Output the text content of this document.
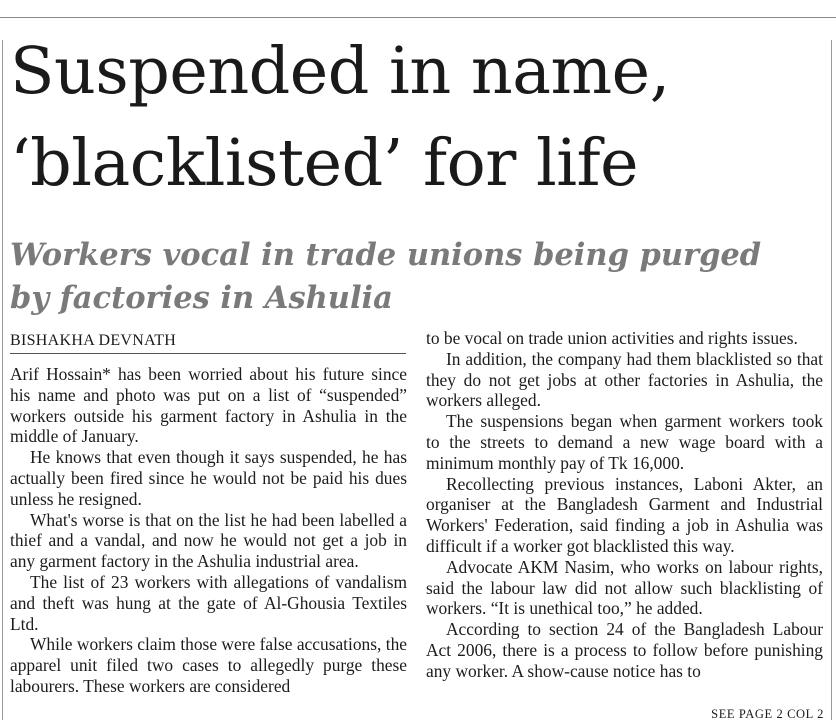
Suspended in name,
‘blacklisted’ for life
Workers vocal in trade unions being purged
by factories in Ashulia
BISHAKHA DEVNATH

Arif Hossain* has been worried about his future since his name and photo was put on a list of “suspended” workers outside his garment factory in Ashulia in the middle of January.

He knows that even though it says suspended, he has actually been fired since he would not be paid his dues unless he resigned.

What's worse is that on the list he had been labelled a thief and a vandal, and now he would not get a job in any garment factory in the Ashulia industrial area.

The list of 23 workers with allegations of vandalism and theft was hung at the gate of Al-Ghousia Textiles Ltd.

While workers claim those were false accusations, the apparel unit filed two cases to allegedly purge these labourers. These workers are considered

to be vocal on trade union activities and rights issues.

In addition, the company had them blacklisted so that they do not get jobs at other factories in Ashulia, the workers alleged.

The suspensions began when garment workers took to the streets to demand a new wage board with a minimum monthly pay of Tk 16,000.

Recollecting previous instances, Laboni Akter, an organiser at the Bangladesh Garment and Industrial Workers' Federation, said finding a job in Ashulia was difficult if a worker got blacklisted this way.

Advocate AKM Nasim, who works on labour rights, said the labour law did not allow such blacklisting of workers. “It is unethical too,” he added.

According to section 24 of the Bangladesh Labour Act 2006, there is a process to follow before punishing any worker. A show-cause notice has to

SEE PAGE 2 COL 2
